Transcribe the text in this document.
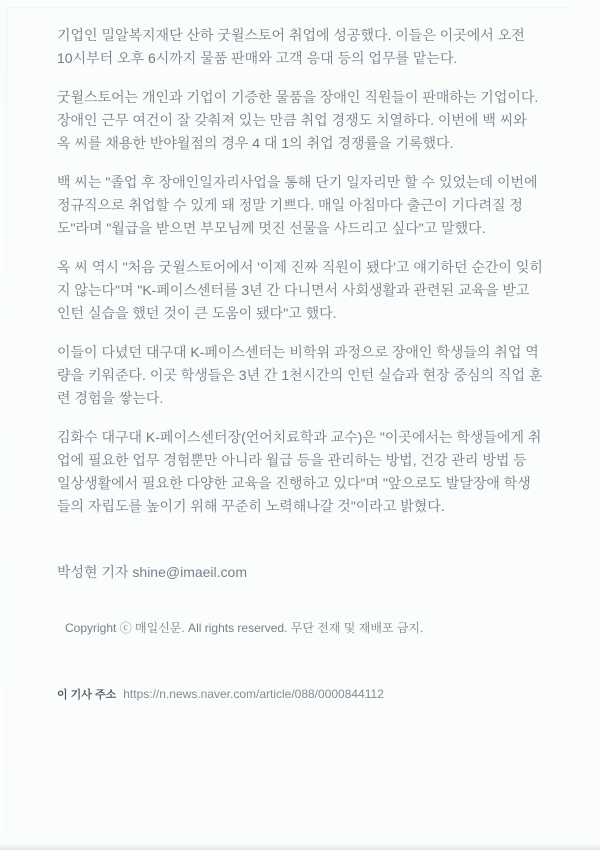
기업인 밀알복지재단 산하 굿윌스토어 취업에 성공했다. 이들은 이곳에서 오전
10시부터 오후 6시까지 물품 판매와 고객 응대 등의 업무를 맡는다.

굿윌스토어는 개인과 기업이 기증한 물품을 장애인 직원들이 판매하는 기업이다.
장애인 근무 여건이 잘 갖춰져 있는 만큼 취업 경쟁도 치열하다. 이번에 백 씨와
옥 씨를 채용한 반야월점의 경우 4 대 1의 취업 경쟁률을 기록했다.

백 씨는 "졸업 후 장애인일자리사업을 통해 단기 일자리만 할 수 있었는데 이번에
정규직으로 취업할 수 있게 돼 정말 기쁘다. 매일 아침마다 출근이 기다려질 정
도"라며 "월급을 받으면 부모님께 멋진 선물을 사드리고 싶다"고 말했다.

옥 씨 역시 "처음 굿윌스토어에서 '이제 진짜 직원이 됐다'고 얘기하던 순간이 잊히
지 않는다"며 "K-페이스센터를 3년 간 다니면서 사회생활과 관련된 교육을 받고
인턴 실습을 했던 것이 큰 도움이 됐다"고 했다.

이들이 다녔던 대구대 K-페이스센터는 비학위 과정으로 장애인 학생들의 취업 역
량을 키워준다. 이곳 학생들은 3년 간 1천시간의 인턴 실습과 현장 중심의 직업 훈
련 경험을 쌓는다.

김화수 대구대 K-페이스센터장(언어치료학과 교수)은 "이곳에서는 학생들에게 취
업에 필요한 업무 경험뿐만 아니라 월급 등을 관리하는 방법, 건강 관리 방법 등
일상생활에서 필요한 다양한 교육을 진행하고 있다"며 "앞으로도 발달장애 학생
들의 자립도를 높이기 위해 꾸준히 노력해나갈 것"이라고 밝혔다.

박성현 기자 shine@imaeil.com
Copyright ⓒ 매일신문. All rights reserved. 무단 전재 및 재배포 금지.
이 기사 주소 https://n.news.naver.com/article/088/0000844112
